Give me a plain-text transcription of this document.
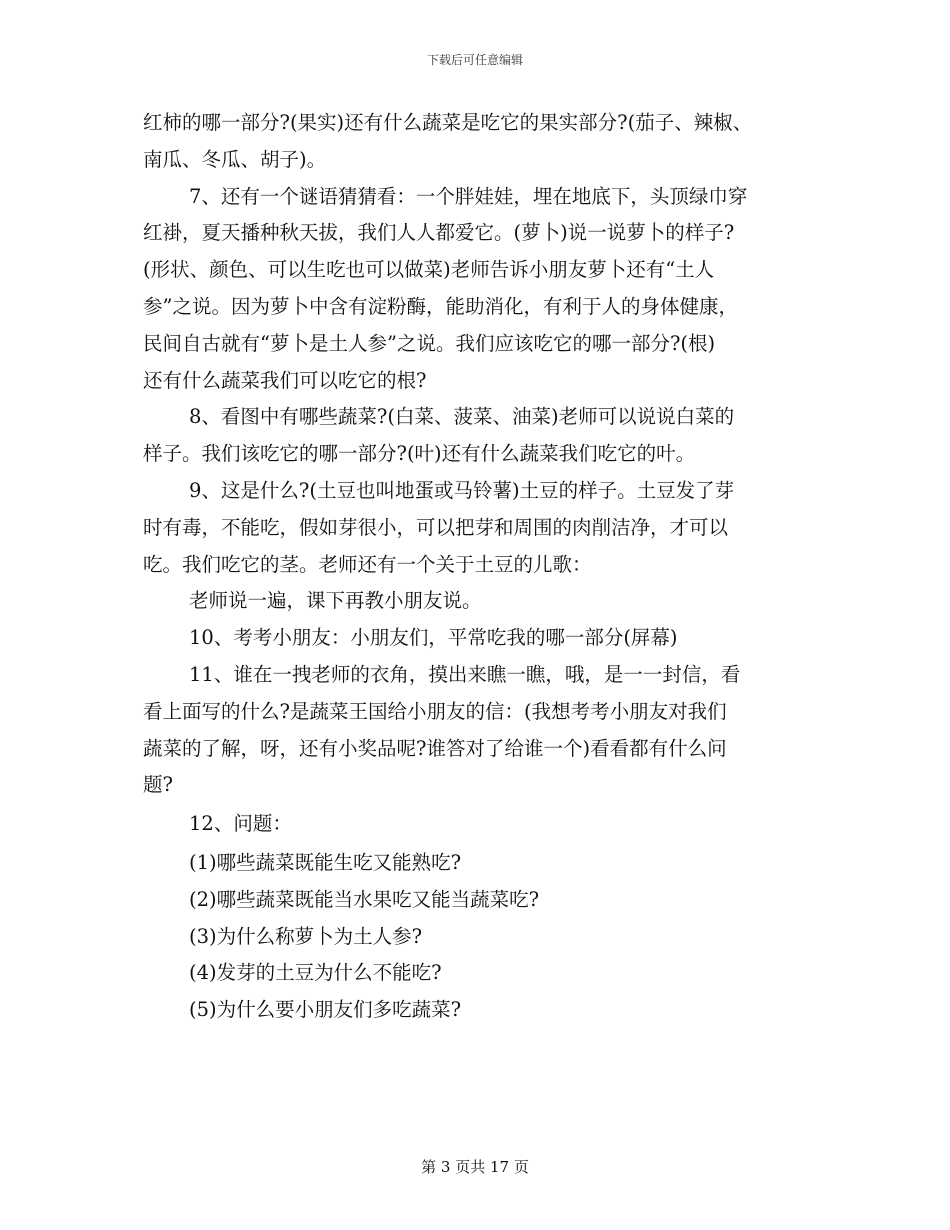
下载后可任意编辑
红柿的哪一部分?(果实)还有什么蔬菜是吃它的果实部分?(茄子、辣椒、
南瓜、冬瓜、胡子)。
7、还有一个谜语猜猜看：一个胖娃娃，埋在地底下，头顶绿巾穿
红褂，夏天播种秋天拔，我们人人都爱它。(萝卜)说一说萝卜的样子?
(形状、颜色、可以生吃也可以做菜)老师告诉小朋友萝卜还有“土人
参”之说。因为萝卜中含有淀粉酶，能助消化，有利于人的身体健康，
民间自古就有“萝卜是土人参”之说。我们应该吃它的哪一部分?(根)
还有什么蔬菜我们可以吃它的根?
8、看图中有哪些蔬菜?(白菜、菠菜、油菜)老师可以说说白菜的
样子。我们该吃它的哪一部分?(叶)还有什么蔬菜我们吃它的叶。
9、这是什么?(土豆也叫地蛋或马铃薯)土豆的样子。土豆发了芽
时有毒，不能吃，假如芽很小，可以把芽和周围的肉削洁净，才可以
吃。我们吃它的茎。老师还有一个关于土豆的儿歌：
老师说一遍，课下再教小朋友说。
10、考考小朋友：小朋友们，平常吃我的哪一部分(屏幕)
11、谁在一拽老师的衣角，摸出来瞧一瞧，哦，是一一封信，看
看上面写的什么?是蔬菜王国给小朋友的信：(我想考考小朋友对我们
蔬菜的了解，呀，还有小奖品呢?谁答对了给谁一个)看看都有什么问
题?
12、问题：
(1)哪些蔬菜既能生吃又能熟吃?
(2)哪些蔬菜既能当水果吃又能当蔬菜吃?
(3)为什么称萝卜为土人参?
(4)发芽的土豆为什么不能吃?
(5)为什么要小朋友们多吃蔬菜?
第 3 页共 17 页
